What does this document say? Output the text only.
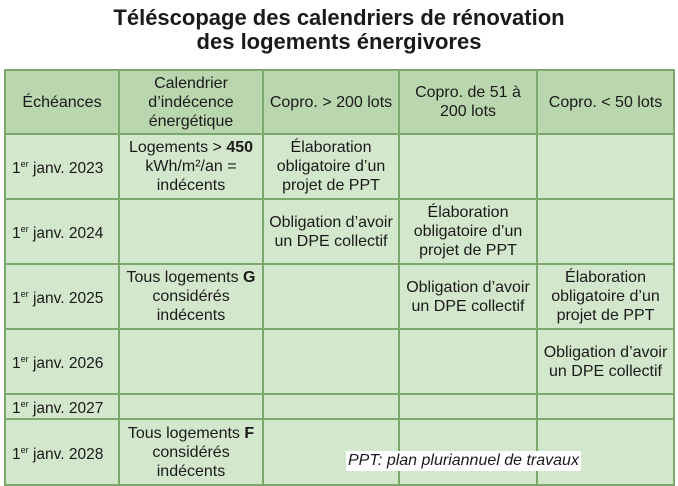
Téléscopage des calendriers de rénovation
des logements énergivores
Échéances	Calendrier d’indécence énergétique	Copro. > 200 lots	Copro. de 51 à 200 lots	Copro. < 50 lots
1er janv. 2023	Logements > 450 kWh/m²/an = indécents	Élaboration obligatoire d’un projet de PPT		
1er janv. 2024		Obligation d’avoir un DPE collectif	Élaboration obligatoire d’un projet de PPT	
1er janv. 2025	Tous logements G considérés indécents		Obligation d’avoir un DPE collectif	Élaboration obligatoire d’un projet de PPT
1er janv. 2026				Obligation d’avoir un DPE collectif
1er janv. 2027				
1er janv. 2028	Tous logements F considérés indécents			
PPT: plan pluriannuel de travaux
